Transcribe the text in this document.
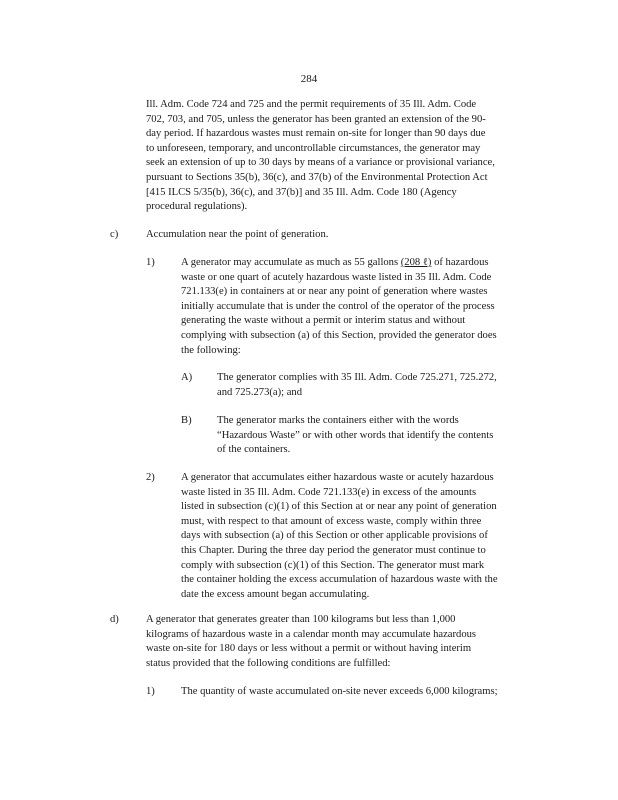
284
Ill. Adm. Code 724 and 725 and the permit requirements of 35 Ill. Adm. Code
702, 703, and 705, unless the generator has been granted an extension of the 90-
day period. If hazardous wastes must remain on-site for longer than 90 days due
to unforeseen, temporary, and uncontrollable circumstances, the generator may
seek an extension of up to 30 days by means of a variance or provisional variance,
pursuant to Sections 35(b), 36(c), and 37(b) of the Environmental Protection Act
[415 ILCS 5/35(b), 36(c), and 37(b)] and 35 Ill. Adm. Code 180 (Agency
procedural regulations).
c)	Accumulation near the point of generation.
1) A generator may accumulate as much as 55 gallons (208 ℓ) of hazardous
waste or one quart of acutely hazardous waste listed in 35 Ill. Adm. Code
721.133(e) in containers at or near any point of generation where wastes
initially accumulate that is under the control of the operator of the process
generating the waste without a permit or interim status and without
complying with subsection (a) of this Section, provided the generator does
the following:
A) The generator complies with 35 Ill. Adm. Code 725.271, 725.272,
and 725.273(a); and
B) The generator marks the containers either with the words
“Hazardous Waste” or with other words that identify the contents
of the containers.
2) A generator that accumulates either hazardous waste or acutely hazardous
waste listed in 35 Ill. Adm. Code 721.133(e) in excess of the amounts
listed in subsection (c)(1) of this Section at or near any point of generation
must, with respect to that amount of excess waste, comply within three
days with subsection (a) of this Section or other applicable provisions of
this Chapter. During the three day period the generator must continue to
comply with subsection (c)(1) of this Section. The generator must mark
the container holding the excess accumulation of hazardous waste with the
date the excess amount began accumulating.
d)	A generator that generates greater than 100 kilograms but less than 1,000
kilograms of hazardous waste in a calendar month may accumulate hazardous
waste on-site for 180 days or less without a permit or without having interim
status provided that the following conditions are fulfilled:
1) The quantity of waste accumulated on-site never exceeds 6,000 kilograms;
